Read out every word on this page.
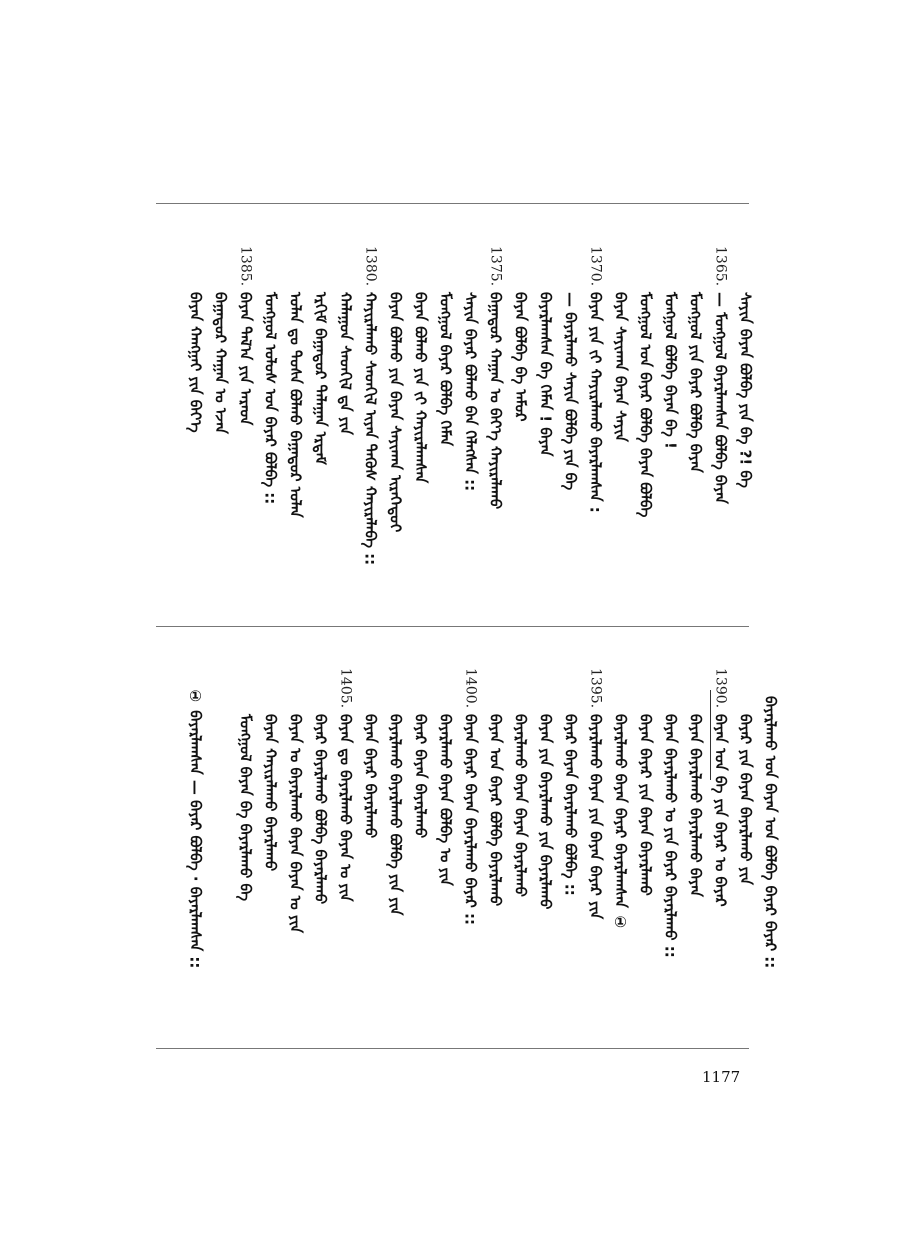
ᠪᠠᠶᠠᠨ ᠬᠠᠩᠭᠠᠢ ᠶᠢᠨ ᠪᠡᠶ᠎ᠡ ᠪᠠᠭᠠᠲᠤᠷ ᠬᠠᠭᠠᠨ ᠤ ᠡᠵᠡᠨ
1385.
ᠪᠠᠶᠠᠨ ᠲᠠᠯ᠎ᠠ ᠶᠢᠨ ᠠᠷᠠᠳ ᠮᠣᠩᠭᠣᠯ ᠤᠯᠤᠰ ᠤᠨ ᠪᠠᠶᠠᠷ ᠪᠣᠯᠪᠠ :: ᠣᠯᠠᠨ ᠳᠤ ᠲᠤᠰᠠ ᠪᠣᠯᠬᠤ ᠪᠠᠭᠠᠲᠤᠷ ᠣᠯᠠᠨ ᠡᠷᠬᠢᠮ ᠪᠠᠭᠠᠲᠤᠷ ᠲᠠᠯᠠᠭᠠᠨ ᠡᠷᠳᠡᠮ ᠬᠠᠯᠠᠭᠤᠨ ᠰᠡᠳᠬᠢᠯ ᠳᠠ ᠶᠢᠨ
1380.
ᠬᠠᠶᠢᠷᠠᠯᠠᠬᠤ ᠰᠡᠳᠬᠢᠯ ᠢᠶᠡᠨ ᠲᠡᠭᠦᠰ ᠬᠠᠶᠢᠷᠠᠯᠠᠪᠠ :: ᠪᠠᠶᠠᠨ ᠪᠣᠯᠬᠤ ᠶᠢᠨ ᠪᠠᠶᠠᠨ ᠰᠠᠶᠢᠬᠠᠨ ᠢᠷᠡᠭᠡᠳᠦᠢ ᠪᠠᠶᠠᠨ ᠪᠣᠯᠬᠤ ᠶᠢᠨ ᠵᠢ ᠬᠠᠶᠢᠷᠠᠯᠠᠭᠰᠠᠨ ᠮᠣᠩᠭᠣᠯ ᠪᠠᠶᠠᠷ ᠪᠣᠯᠪᠠ ᠬᠡᠮᠡᠨ ᠰᠠᠶᠢᠨ ᠪᠠᠶᠠᠷ ᠪᠣᠯᠬᠤ ᠪᠠᠨ ᠬᠡᠯᠡᠭᠰᠡᠨ ::
1375.
ᠪᠠᠭᠠᠲᠤᠷ ᠬᠠᠭᠠᠨ ᠤ ᠪᠡᠶ᠎ᠡ ᠬᠠᠶᠢᠷᠠᠯᠠᠬᠤ ᠪᠠᠶᠠᠨ ᠪᠣᠯᠪᠠ ᠪᠠ ᠠᠮᠤᠷ ᠪᠠᠶᠠᠷᠯᠠᠭᠰᠠᠨ ᠪᠠ ᠬᠡᠮᠡᠨ ! ᠪᠠᠶᠠᠨ — ᠪᠠᠶᠠᠷᠯᠠᠬᠤ ᠰᠠᠶᠢᠨ ᠪᠣᠯᠪᠠ ᠶᠢᠨ ᠪᠠ
1370.
ᠪᠠᠶᠠᠨ ᠶᠢᠨ ᠵᠢ ᠬᠠᠶᠢᠷᠠᠯᠠᠬᠤ ᠪᠠᠶᠠᠷᠯᠠᠭᠰᠠᠨ : ᠪᠠᠶᠠᠨ ᠰᠠᠶᠢᠬᠠᠨ ᠪᠠᠶᠠᠨ ᠰᠠᠶᠢᠨ ᠮᠣᠩᠭᠣᠯ ᠤᠨ ᠪᠠᠶᠠᠷ ᠪᠣᠯᠪᠠ ᠪᠠᠶᠠᠨ ᠪᠣᠯᠪᠠ ᠮᠣᠩᠭᠣᠯ ᠪᠣᠯᠪᠠ ᠪᠠᠶᠠᠨ ᠪᠠ ! ᠮᠣᠩᠭᠣᠯ ᠶᠢᠨ ᠪᠠᠶᠠᠷ ᠪᠣᠯᠪᠠ ᠪᠠᠶᠠᠨ
1365.
— ᠮᠣᠩᠭᠣᠯ ᠪᠠᠶᠠᠷᠯᠠᠭᠰᠠᠨ ᠪᠣᠯᠪᠠ ᠪᠠᠶᠠᠨ ᠰᠠᠶᠢᠨ ᠪᠠᠶᠠᠨ ᠪᠣᠯᠪᠠ ᠶᠢᠨ ᠪᠠ ?! ᠪᠠ
① ᠪᠠᠶᠠᠷᠯᠠᠭᠰᠠᠨ — ᠪᠠᠶᠠᠷ ᠪᠣᠯᠪᠠ · ᠪᠠᠶᠠᠷᠯᠠᠭᠰᠠᠨ :: ᠮᠣᠩᠭᠣᠯ ᠪᠠᠶᠠᠨ ᠪᠠ ᠪᠠᠶᠠᠷᠯᠠᠬᠤ ᠪᠠ ᠪᠠᠶᠠᠨ ᠬᠠᠶᠢᠷᠠᠯᠠᠬᠤ ᠪᠠᠶᠠᠷᠯᠠᠬᠤ ᠪᠠᠶᠠᠨ ᠤ ᠪᠠᠶᠠᠷᠯᠠᠬᠤ ᠪᠠᠶᠠᠨ ᠪᠠᠶᠠᠨ ᠤ ᠶᠢᠨ ᠪᠠᠶᠠᠷ ᠪᠠᠶᠠᠷᠯᠠᠬᠤ ᠪᠣᠯᠪᠠ ᠪᠠᠶᠠᠷᠯᠠᠬᠤ
1405.
ᠪᠠᠶᠠᠨ ᠳᠤ ᠪᠠᠶᠠᠷᠯᠠᠬᠤ ᠪᠠᠶᠠᠨ ᠤ ᠶᠢᠨ ᠪᠠᠶᠠᠨ ᠪᠠᠶᠠᠷ ᠪᠠᠶᠠᠷᠯᠠᠬᠤ ᠪᠠᠶᠠᠷᠯᠠᠬᠤ ᠪᠠᠶᠠᠷᠯᠠᠬᠤ ᠪᠣᠯᠪᠠ ᠶᠢᠨ ᠶᠢᠨ ᠪᠠᠶᠠᠷ ᠪᠠᠶᠠᠨ ᠪᠠᠶᠠᠷᠯᠠᠬᠤ ᠪᠠᠶᠠᠷᠯᠠᠬᠤ ᠪᠠᠶᠠᠨ ᠪᠣᠯᠪᠠ ᠤ ᠶᠢᠨ
1400.
ᠪᠠᠶᠠᠨ ᠪᠠᠶᠠᠷ ᠪᠠᠶᠠᠨ ᠪᠠᠶᠠᠷᠯᠠᠬᠤ ᠪᠠᠶᠠᠷ :: ᠪᠠᠶᠠᠨ ᠤᠨ ᠪᠠᠶᠠᠷ ᠪᠣᠯᠪᠠ ᠪᠠᠶᠠᠷᠯᠠᠬᠤ ᠪᠠᠶᠠᠷᠯᠠᠬᠤ ᠪᠠᠶᠠᠨ ᠪᠠᠶᠠᠨ ᠪᠠᠶᠠᠷᠯᠠᠬᠤ ᠪᠠᠶᠠᠨ ᠶᠢᠨ ᠪᠠᠶᠠᠷᠯᠠᠬᠤ ᠶᠢᠨ ᠪᠠᠶᠠᠷᠯᠠᠬᠤ ᠪᠠᠶᠠᠷ ᠪᠠᠶᠠᠨ ᠪᠠᠶᠠᠷᠯᠠᠬᠤ ᠪᠣᠯᠪᠠ ::
1395.
ᠪᠠᠶᠠᠷᠯᠠᠬᠤ ᠪᠠᠶᠠᠨ ᠶᠢᠨ ᠪᠠᠶᠠᠨ ᠪᠠᠶᠠᠷ ᠶᠢᠨ ᠪᠠᠶᠠᠷᠯᠠᠬᠤ ᠪᠠᠶᠠᠨ ᠪᠠᠶᠠᠷ ᠪᠠᠶᠠᠷᠯᠠᠭᠰᠠᠨ ① ᠪᠠᠶᠠᠨ ᠪᠠᠶᠠᠷ ᠶᠢᠨ ᠪᠠᠶᠠᠨ ᠪᠠᠶᠠᠷᠯᠠᠬᠤ ᠪᠠᠶᠠᠨ ᠪᠠᠶᠠᠷᠯᠠᠬᠤ ᠤ ᠶᠢᠨ ᠪᠠᠶᠠᠷ ᠪᠠᠶᠠᠷᠯᠠᠬᠤ :: ᠪᠠᠶᠠᠨ ᠪᠠᠶᠠᠷᠯᠠᠬᠤ ᠪᠠᠶᠠᠷᠯᠠᠬᠤ ᠪᠠᠶᠠᠨ
1390.
ᠪᠠᠶᠠᠨ ᠤᠨ ᠪᠠ ᠶᠢᠨ ᠪᠠᠶᠠᠷ ᠤ ᠪᠠᠶᠠᠷ ᠪᠠᠶᠠᠷ ᠶᠢᠨ ᠪᠠᠶᠠᠨ ᠪᠠᠶᠠᠷᠯᠠᠬᠤ ᠶᠢᠨ ᠪᠠᠶᠠᠷᠯᠠᠬᠤ ᠤᠨ ᠪᠠᠶᠠᠨ ᠤᠨ ᠪᠣᠯᠪᠠ ᠪᠠᠶᠠᠷ ᠪᠠᠶᠠᠷ ::
1177
